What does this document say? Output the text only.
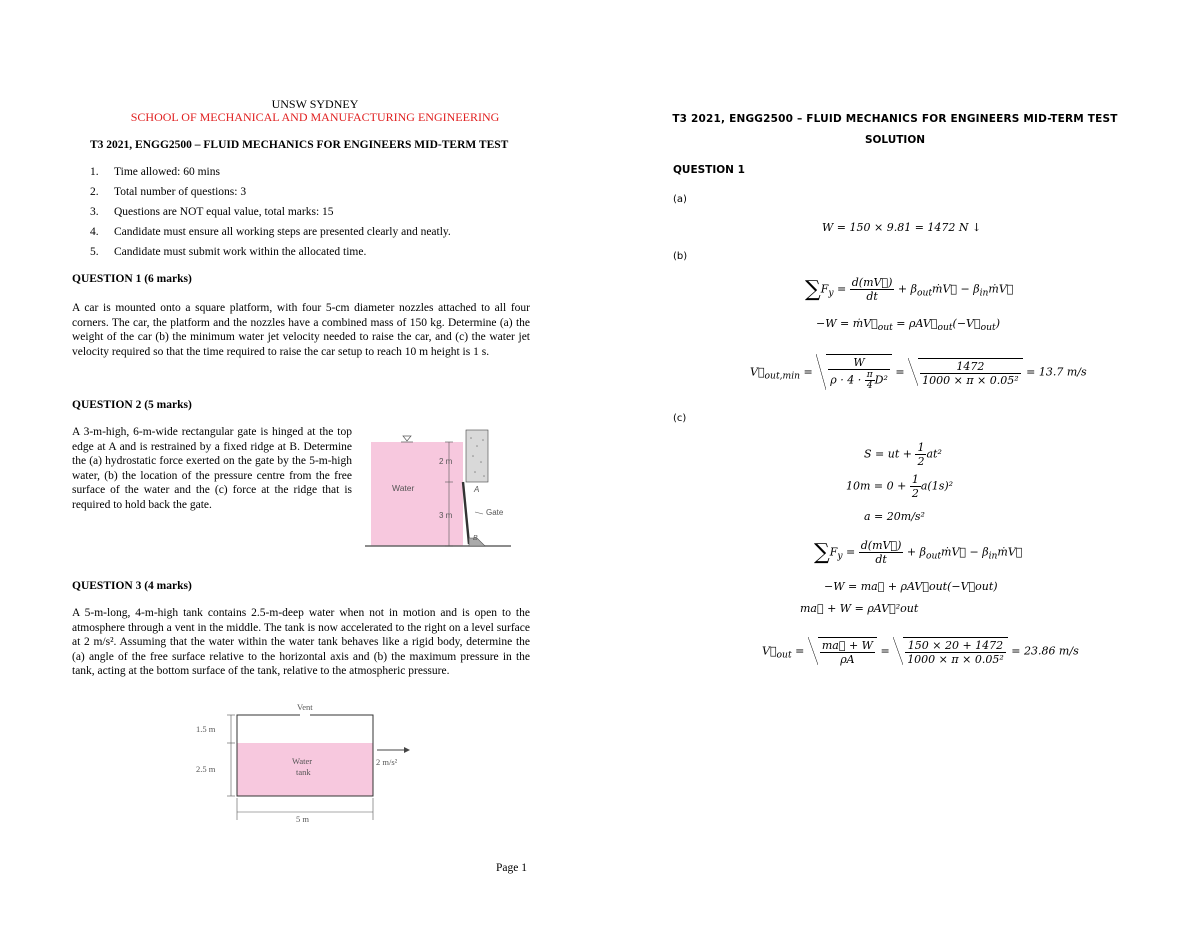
UNSW SYDNEY
SCHOOL OF MECHANICAL AND MANUFACTURING ENGINEERING
T3 2021, ENGG2500 – FLUID MECHANICS FOR ENGINEERS MID-TERM TEST
1. Time allowed: 60 mins
2. Total number of questions: 3
3. Questions are NOT equal value, total marks: 15
4. Candidate must ensure all working steps are presented clearly and neatly.
5. Candidate must submit work within the allocated time.
QUESTION 1 (6 marks)
A car is mounted onto a square platform, with four 5-cm diameter nozzles attached to all four corners. The car, the platform and the nozzles have a combined mass of 150 kg. Determine (a) the weight of the car (b) the minimum water jet velocity needed to raise the car, and (c) the water jet velocity required so that the time required to raise the car setup to reach 10 m height is 1 s.
QUESTION 2 (5 marks)
A 3-m-high, 6-m-wide rectangular gate is hinged at the top edge at A and is restrained by a fixed ridge at B. Determine the (a) hydrostatic force exerted on the gate by the 5-m-high water, (b) the location of the pressure centre from the free surface of the water and the (c) force at the ridge that is required to hold back the gate.
Water
2 m
3 m
A
B
Gate
QUESTION 3 (4 marks)
A 5-m-long, 4-m-high tank contains 2.5-m-deep water when not in motion and is open to the atmosphere through a vent in the middle. The tank is now accelerated to the right on a level surface at 2 m/s². Assuming that the water within the water tank behaves like a rigid body, determine the (a) angle of the free surface relative to the horizontal axis and (b) the maximum pressure in the tank, acting at the bottom surface of the tank, relative to the atmospheric pressure.
Vent
1.5 m
2.5 m
Water
tank
2 m/s²
5 m
Page 1
T3 2021, ENGG2500 – FLUID MECHANICS FOR ENGINEERS MID-TERM TEST
SOLUTION
QUESTION 1
(a)
(b)
(c)
W = 150 × 9.81 = 1472 N ↓
$\sum F_y = \frac{d(mV⃗)}{dt}$ + $\beta_{out}ṁV⃗$ − $\beta_{in}ṁV⃗$
$-W = ṁV⃗_{out}$ = $\rho AV⃗_{out}(-V⃗_{out})$
$V⃗_{out,min} = \frac{W}{\rho \cdot 4 \cdot \frac{\pi}{4} D^2} = \frac{1472}{\text{1000 × π × 0.05²}} = 13.7$ m/s
S = ut + $\frac{1}{2} at^2$
$10m = 0 + \frac{1}{2} a(1s)^2$
a = 20m/s²
$\sum F_y = \frac{d(mV⃗)}{dt}$ + $\beta_{out}ṁV⃗$ − $\beta_{in}ṁV⃗$
−W = ma⃗ + ρAV⃗out(−V⃗out)
ma⃗ + W = ρAV⃗²out
$V⃗_{out} = \frac{ma⃗ + W}{\rho A} = \frac{150 \times 20 + 1472}{\text{1000 × π × 0.05²}} = 23.86$ m/s
